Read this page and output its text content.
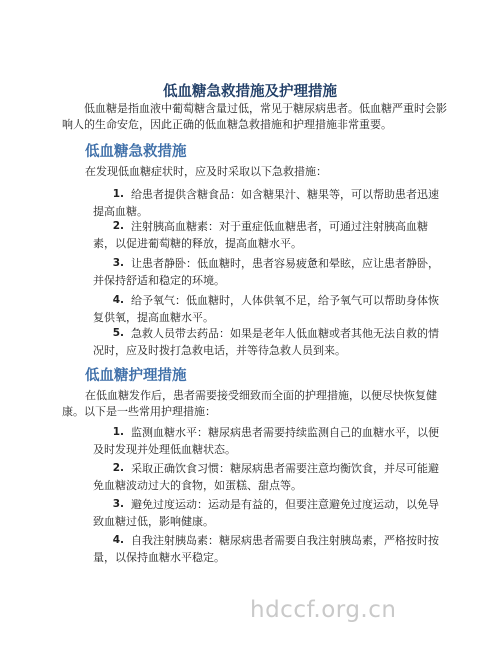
低血糖急救措施及护理措施
低血糖是指血液中葡萄糖含量过低，常见于糖尿病患者。低血糖严重时会影响人的生命安危，因此正确的低血糖急救措施和护理措施非常重要。
低血糖急救措施
在发现低血糖症状时，应及时采取以下急救措施：
1. 给患者提供含糖食品：如含糖果汁、糖果等，可以帮助患者迅速提高血糖。
2. 注射胰高血糖素：对于重症低血糖患者，可通过注射胰高血糖素，以促进葡萄糖的释放，提高血糖水平。
3. 让患者静卧：低血糖时，患者容易疲惫和晕眩，应让患者静卧，并保持舒适和稳定的环境。
4. 给予氧气：低血糖时，人体供氧不足，给予氧气可以帮助身体恢复供氧，提高血糖水平。
5. 急救人员带去药品：如果是老年人低血糖或者其他无法自救的情况时，应及时拨打急救电话，并等待急救人员到来。
低血糖护理措施
在低血糖发作后，患者需要接受细致而全面的护理措施，以便尽快恢复健康。以下是一些常用护理措施：
1. 监测血糖水平：糖尿病患者需要持续监测自己的血糖水平，以便及时发现并处理低血糖状态。
2. 采取正确饮食习惯：糖尿病患者需要注意均衡饮食，并尽可能避免血糖波动过大的食物，如蛋糕、甜点等。
3. 避免过度运动：运动是有益的，但要注意避免过度运动，以免导致血糖过低，影响健康。
4. 自我注射胰岛素：糖尿病患者需要自我注射胰岛素，严格按时按量，以保持血糖水平稳定。
hdccf.org.cn
